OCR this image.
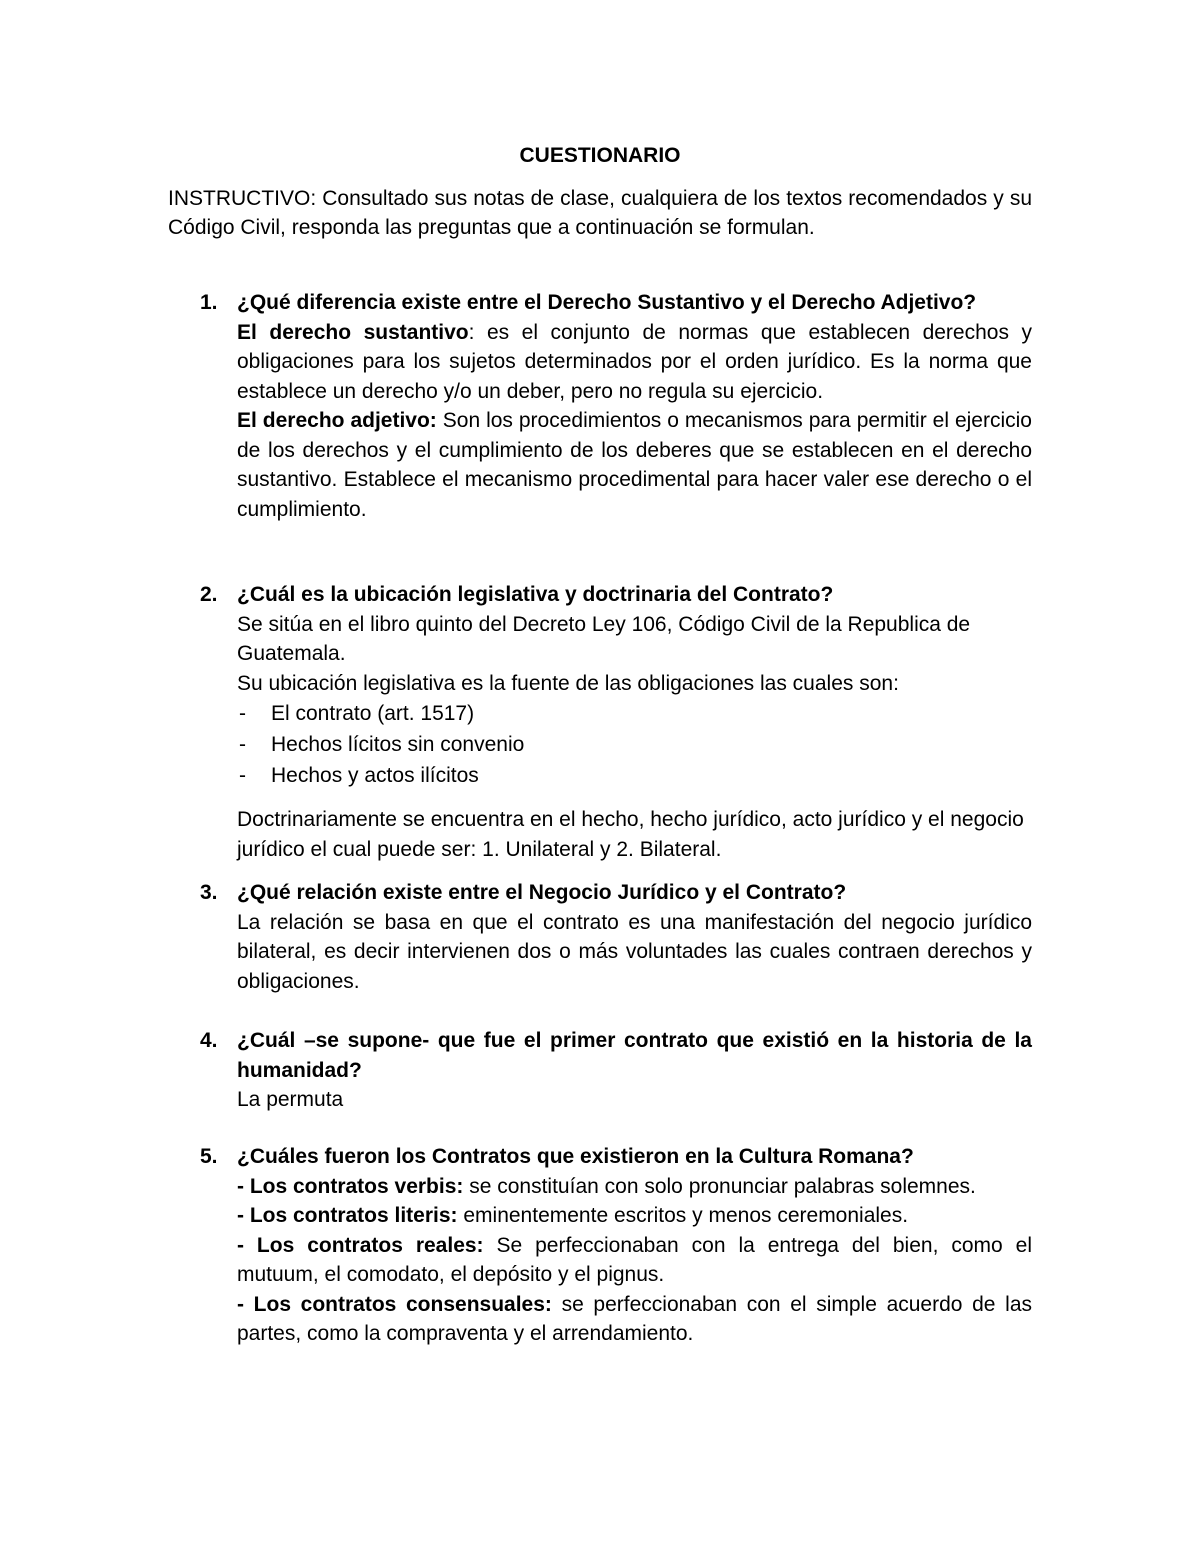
CUESTIONARIO

INSTRUCTIVO: Consultado sus notas de clase, cualquiera de los textos recomendados y su Código Civil, responda las preguntas que a continuación se formulan.

1. ¿Qué diferencia existe entre el Derecho Sustantivo y el Derecho Adjetivo?

El derecho sustantivo: es el conjunto de normas que establecen derechos y obligaciones para los sujetos determinados por el orden jurídico. Es la norma que establece un derecho y/o un deber, pero no regula su ejercicio.

El derecho adjetivo: Son los procedimientos o mecanismos para permitir el ejercicio de los derechos y el cumplimiento de los deberes que se establecen en el derecho sustantivo. Establece el mecanismo procedimental para hacer valer ese derecho o el cumplimiento.

2. ¿Cuál es la ubicación legislativa y doctrinaria del Contrato?

Se sitúa en el libro quinto del Decreto Ley 106, Código Civil de la Republica de Guatemala.

Su ubicación legislativa es la fuente de las obligaciones las cuales son:

- El contrato (art. 1517)
- Hechos lícitos sin convenio
- Hechos y actos ilícitos

Doctrinariamente se encuentra en el hecho, hecho jurídico, acto jurídico y el negocio jurídico el cual puede ser: 1. Unilateral y 2. Bilateral.

3. ¿Qué relación existe entre el Negocio Jurídico y el Contrato?

La relación se basa en que el contrato es una manifestación del negocio jurídico bilateral, es decir intervienen dos o más voluntades las cuales contraen derechos y obligaciones.

4. ¿Cuál –se supone- que fue el primer contrato que existió en la historia de la humanidad?

La permuta

5. ¿Cuáles fueron los Contratos que existieron en la Cultura Romana?

- Los contratos verbis: se constituían con solo pronunciar palabras solemnes.

- Los contratos literis: eminentemente escritos y menos ceremoniales.

- Los contratos reales: Se perfeccionaban con la entrega del bien, como el mutuum, el comodato, el depósito y el pignus.

- Los contratos consensuales: se perfeccionaban con el simple acuerdo de las partes, como la compraventa y el arrendamiento.
